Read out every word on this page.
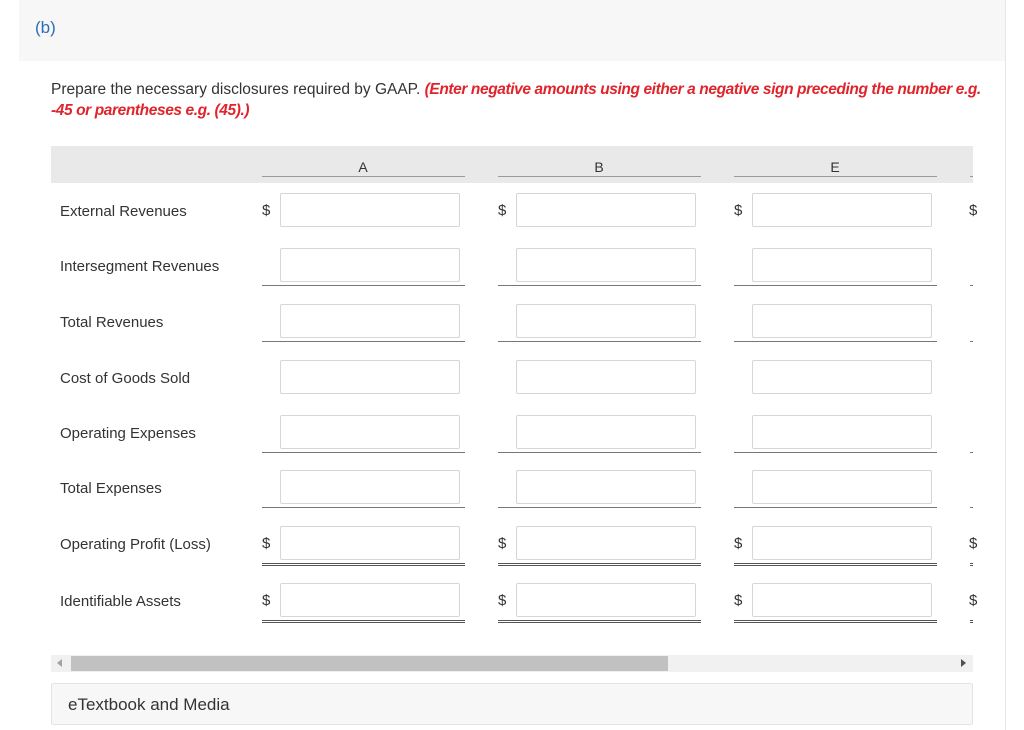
(b)

Prepare the necessary disclosures required by GAAP. (Enter negative amounts using either a negative sign preceding the number e.g. -45 or parentheses e.g. (45).)

A	B	E
External Revenues	$	$	$	$
Intersegment Revenues
Total Revenues
Cost of Goods Sold
Operating Expenses
Total Expenses
Operating Profit (Loss)	$	$	$	$
Identifiable Assets	$	$	$	$
eTextbook and Media
